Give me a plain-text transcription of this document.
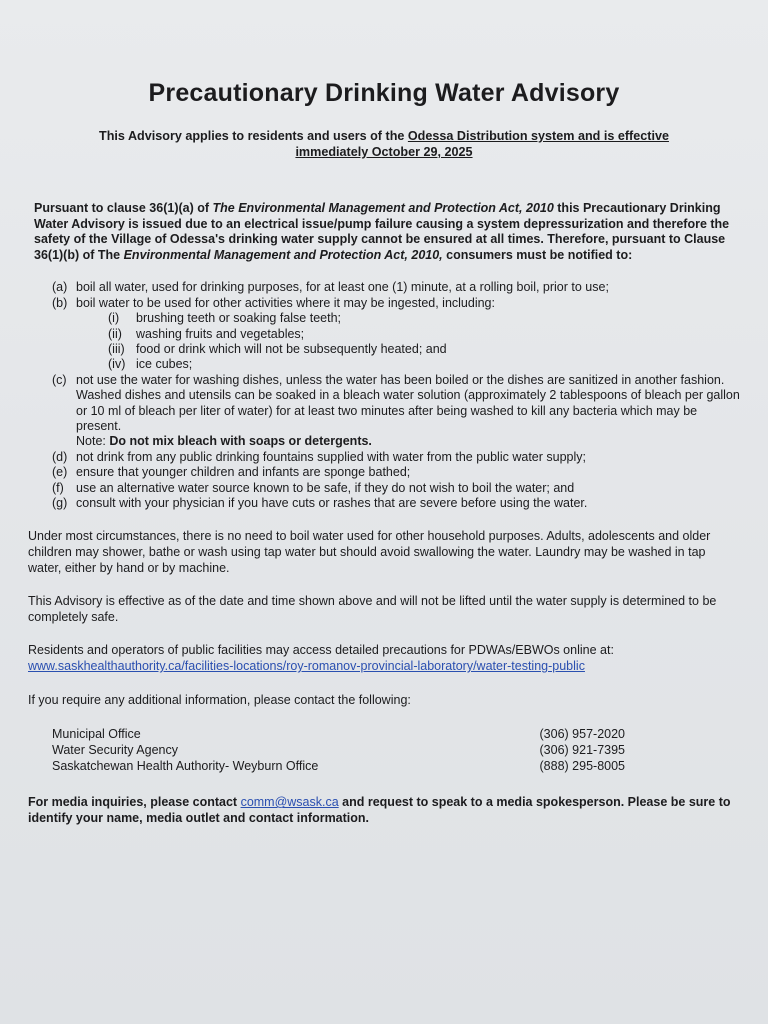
Precautionary Drinking Water Advisory
This Advisory applies to residents and users of the Odessa Distribution system and is effective immediately October 29, 2025
Pursuant to clause 36(1)(a) of The Environmental Management and Protection Act, 2010 this Precautionary Drinking Water Advisory is issued due to an electrical issue/pump failure causing a system depressurization and therefore the safety of the Village of Odessa's drinking water supply cannot be ensured at all times. Therefore, pursuant to Clause 36(1)(b) of The Environmental Management and Protection Act, 2010, consumers must be notified to:
(a) boil all water, used for drinking purposes, for at least one (1) minute, at a rolling boil, prior to use;
(b) boil water to be used for other activities where it may be ingested, including:
(i)	brushing teeth or soaking false teeth;
(ii)	washing fruits and vegetables;
(iii) food or drink which will not be subsequently heated; and
(iv) ice cubes;
(c) not use the water for washing dishes, unless the water has been boiled or the dishes are sanitized in another fashion. Washed dishes and utensils can be soaked in a bleach water solution (approximately 2 tablespoons of bleach per gallon or 10 ml of bleach per liter of water) for at least two minutes after being washed to kill any bacteria which may be present.
Note: Do not mix bleach with soaps or detergents.
(d) not drink from any public drinking fountains supplied with water from the public water supply;
(e) ensure that younger children and infants are sponge bathed;
(f) use an alternative water source known to be safe, if they do not wish to boil the water; and
(g) consult with your physician if you have cuts or rashes that are severe before using the water.

Under most circumstances, there is no need to boil water used for other household purposes. Adults, adolescents and older children may shower, bathe or wash using tap water but should avoid swallowing the water. Laundry may be washed in tap water, either by hand or by machine.

This Advisory is effective as of the date and time shown above and will not be lifted until the water supply is determined to be completely safe.

Residents and operators of public facilities may access detailed precautions for PDWAs/EBWOs online at:
www.saskhealthauthority.ca/facilities-locations/roy-romanov-provincial-laboratory/water-testing-public

If you require any additional information, please contact the following:

Municipal Office	(306) 957-2020
Water Security Agency	(306) 921-7395
Saskatchewan Health Authority- Weyburn Office	(888) 295-8005
For media inquiries, please contact comm@wsask.ca and request to speak to a media spokesperson. Please be sure to identify your name, media outlet and contact information.
